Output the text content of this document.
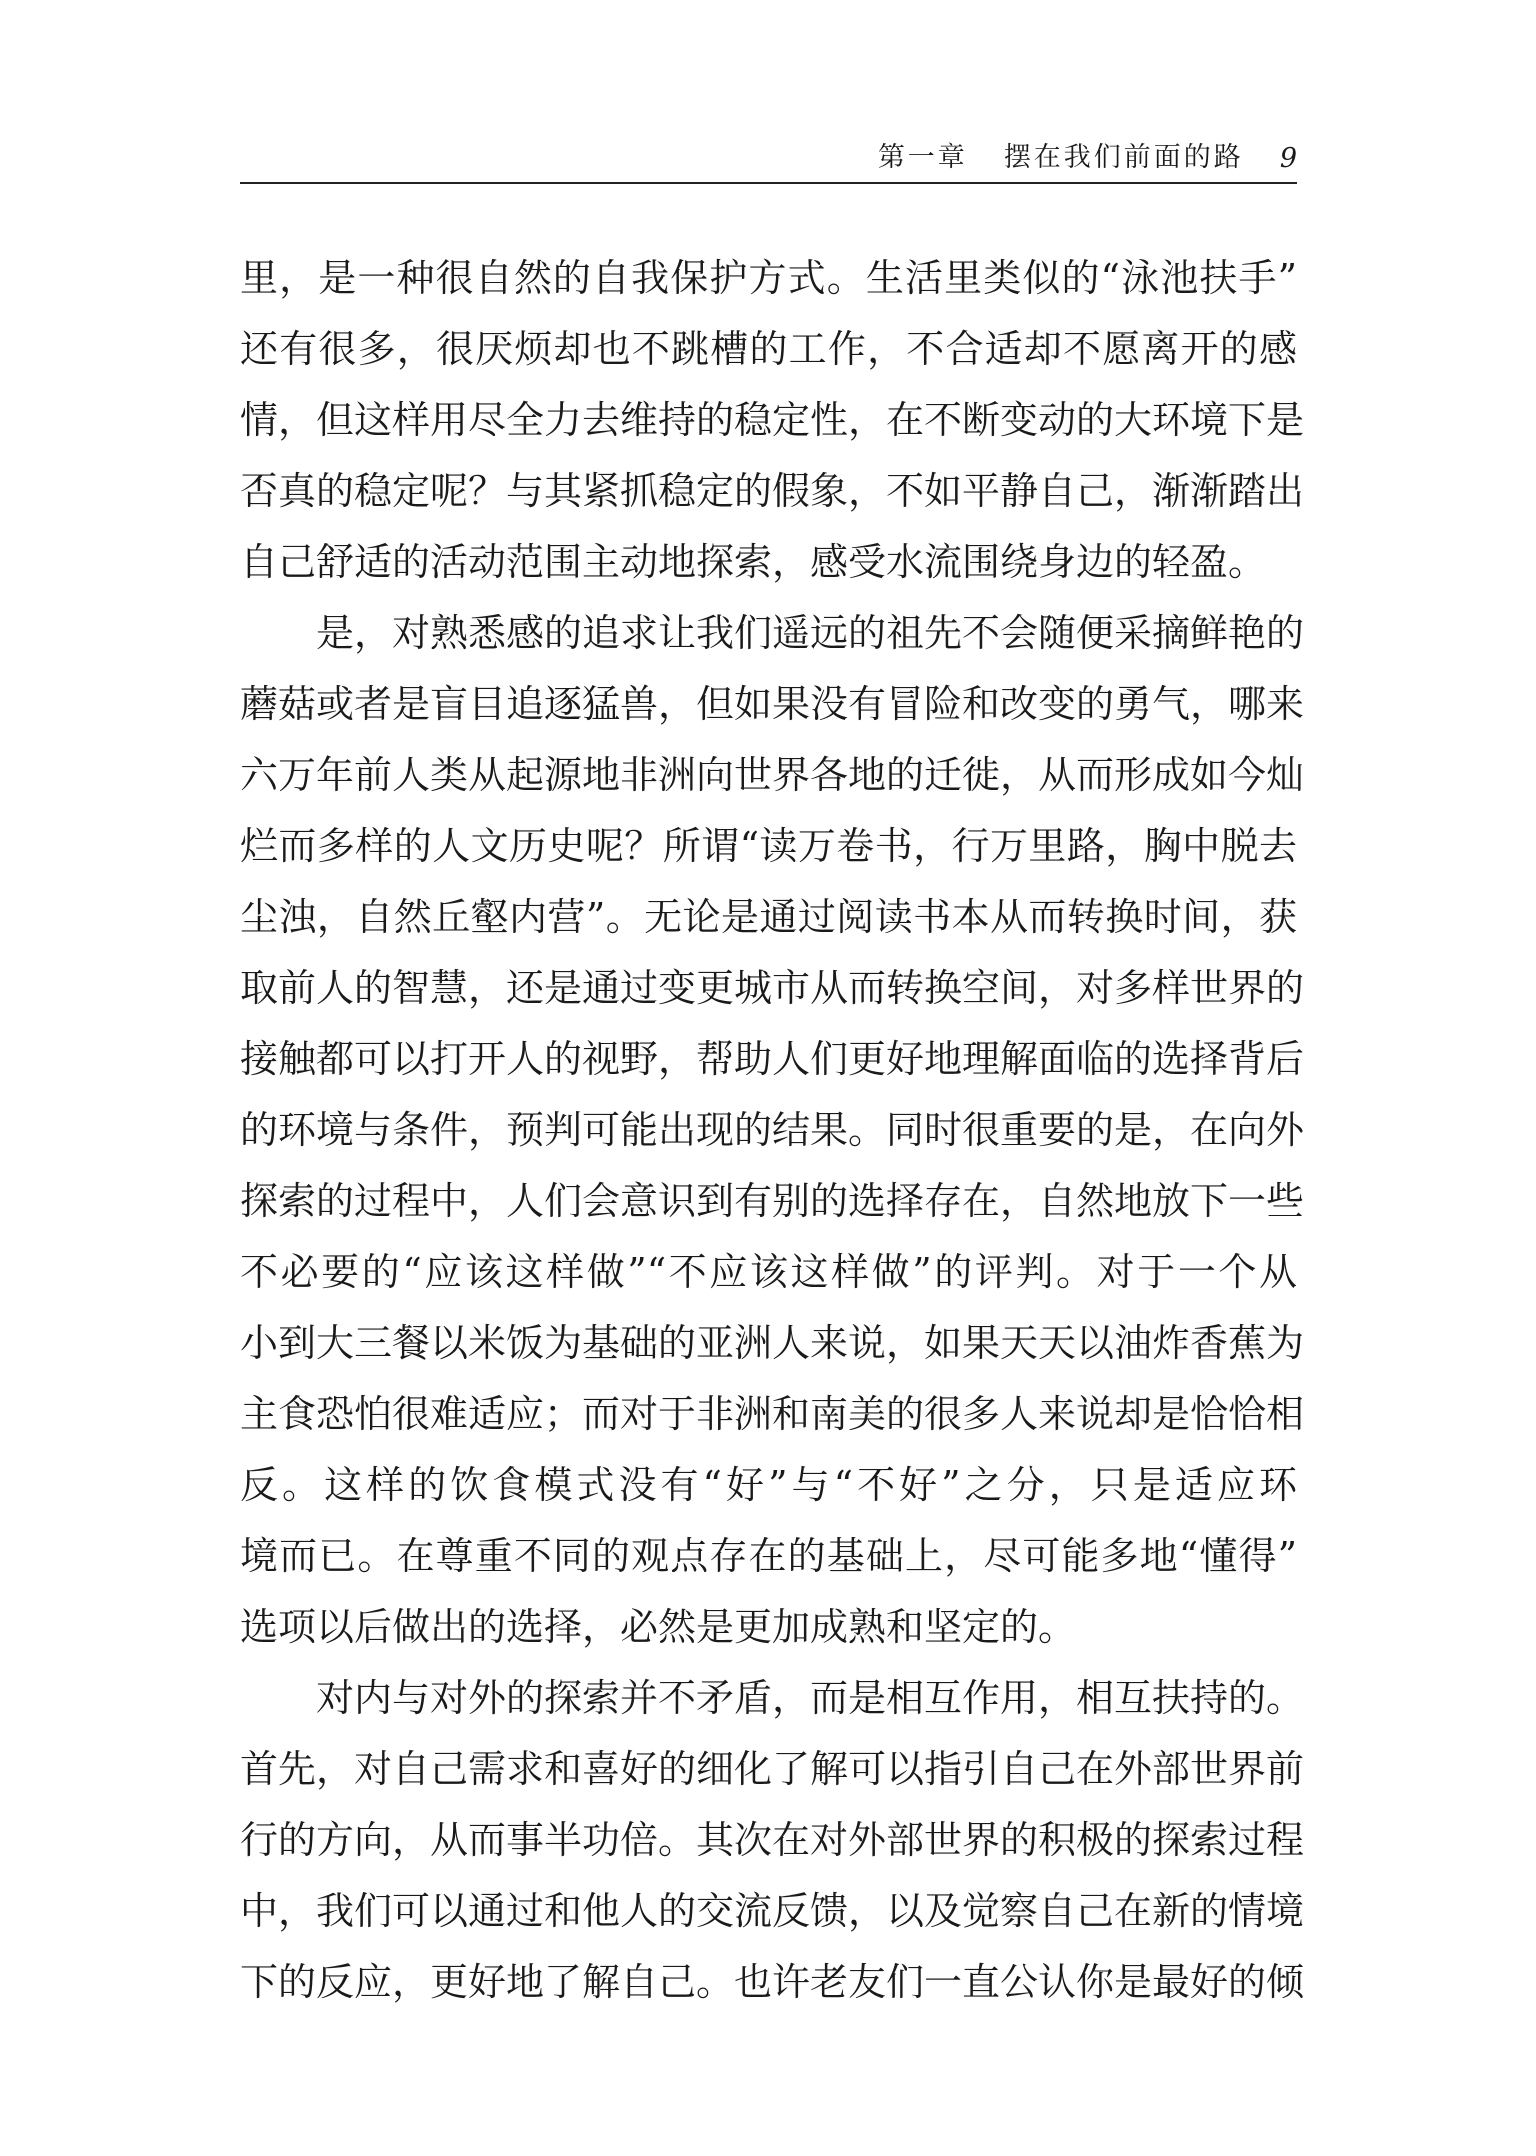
第一章 摆在我们前面的路 9
里，是一种很自然的自我保护方式。生活里类似的“泳池扶手”
还有很多，很厌烦却也不跳槽的工作，不合适却不愿离开的感
情，但这样用尽全力去维持的稳定性，在不断变动的大环境下是
否真的稳定呢？与其紧抓稳定的假象，不如平静自己，渐渐踏出
自己舒适的活动范围主动地探索，感受水流围绕身边的轻盈。
是，对熟悉感的追求让我们遥远的祖先不会随便采摘鲜艳的
蘑菇或者是盲目追逐猛兽，但如果没有冒险和改变的勇气，哪来
六万年前人类从起源地非洲向世界各地的迁徙，从而形成如今灿
烂而多样的人文历史呢？所谓“读万卷书，行万里路，胸中脱去
尘浊，自然丘壑内营”。无论是通过阅读书本从而转换时间，获
取前人的智慧，还是通过变更城市从而转换空间，对多样世界的
接触都可以打开人的视野，帮助人们更好地理解面临的选择背后
的环境与条件，预判可能出现的结果。同时很重要的是，在向外
探索的过程中，人们会意识到有别的选择存在，自然地放下一些
不必要的“应该这样做”“不应该这样做”的评判。对于一个从
小到大三餐以米饭为基础的亚洲人来说，如果天天以油炸香蕉为
主食恐怕很难适应；而对于非洲和南美的很多人来说却是恰恰相
反。这样的饮食模式没有“好”与“不好”之分，只是适应环
境而已。在尊重不同的观点存在的基础上，尽可能多地“懂得”
选项以后做出的选择，必然是更加成熟和坚定的。
对内与对外的探索并不矛盾，而是相互作用，相互扶持的。
首先，对自己需求和喜好的细化了解可以指引自己在外部世界前
行的方向，从而事半功倍。其次在对外部世界的积极的探索过程
中，我们可以通过和他人的交流反馈，以及觉察自己在新的情境
下的反应，更好地了解自己。也许老友们一直公认你是最好的倾
